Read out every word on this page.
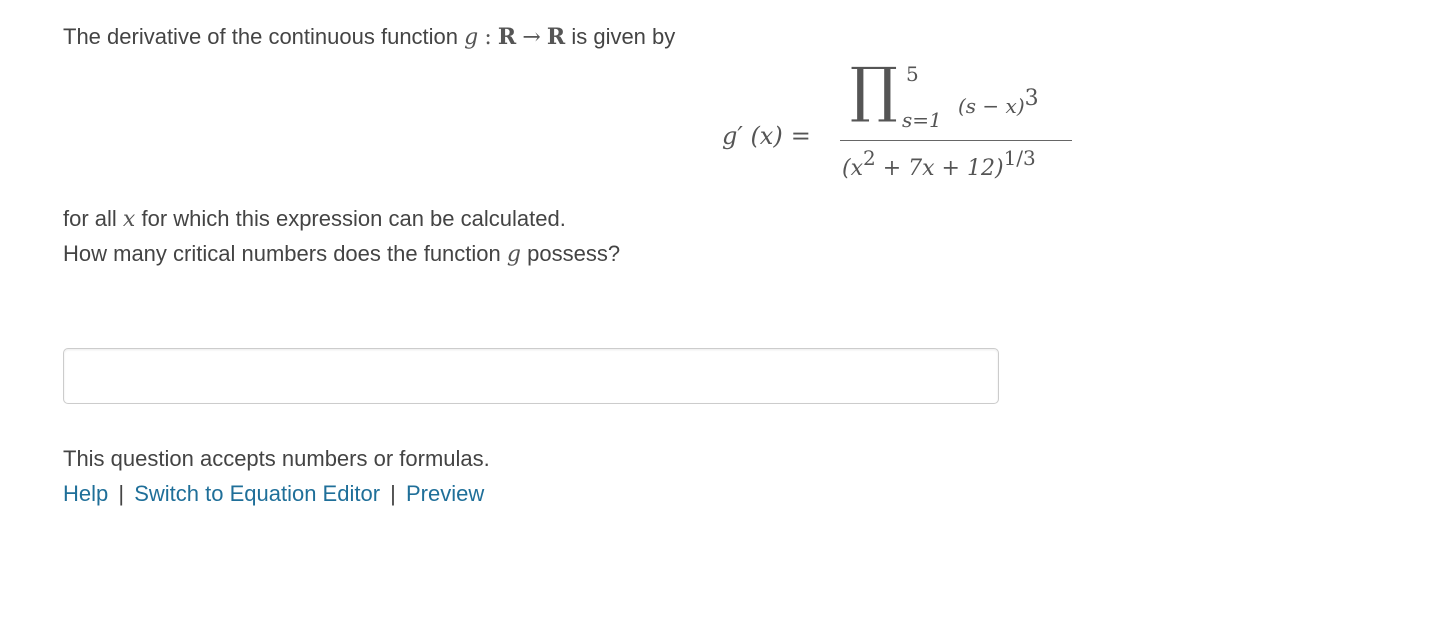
The derivative of the continuous function g : R → R is given by
g′ (x) =
∏ 5
s=1
(s − x)3
(x2 + 7x + 12)1/3
for all x for which this expression can be calculated.
How many critical numbers does the function g possess?
This question accepts numbers or formulas.
Help | Switch to Equation Editor | Preview
